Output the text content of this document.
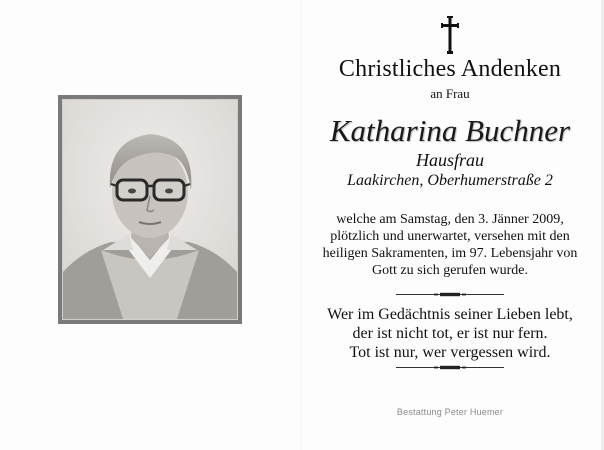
Christliches Andenken
an Frau
Katharina Buchner
Hausfrau
Laakirchen, Oberhumerstraße 2
welche am Samstag, den 3. Jänner 2009,
plötzlich und unerwartet, versehen mit den
heiligen Sakramenten, im 97. Lebensjahr von
Gott zu sich gerufen wurde.
Wer im Gedächtnis seiner Lieben lebt,
der ist nicht tot, er ist nur fern.
Tot ist nur, wer vergessen wird.
Bestattung Peter Huemer
